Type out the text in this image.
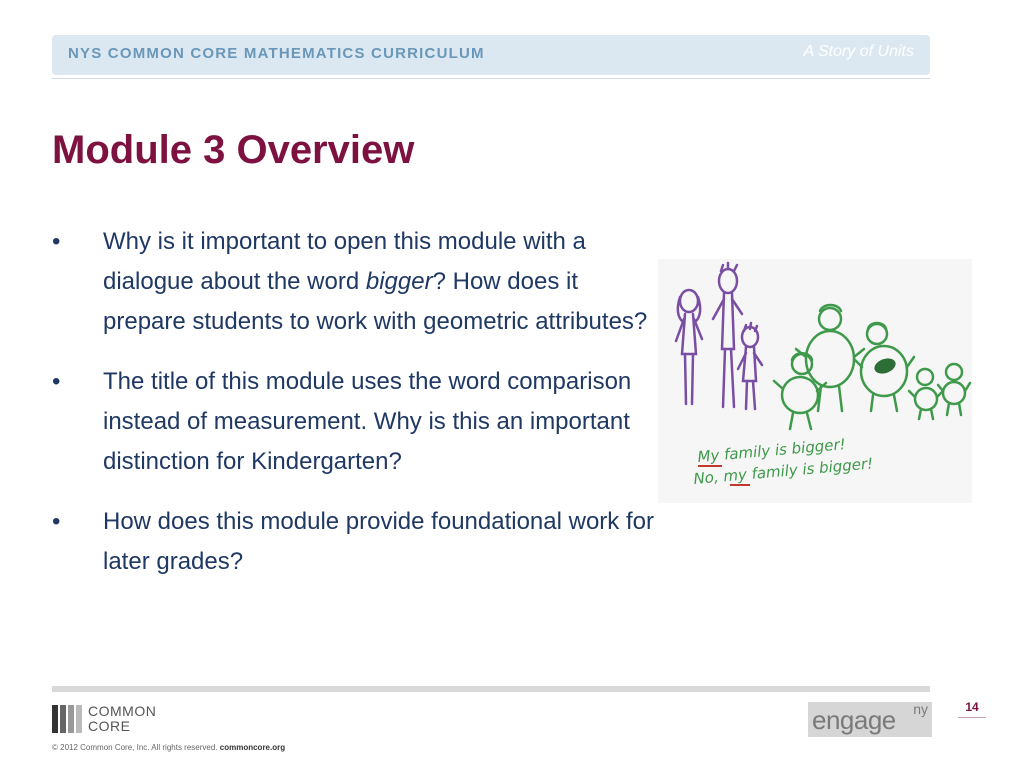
NYS COMMON CORE MATHEMATICS CURRICULUM	A Story of Units
Module 3 Overview
•	Why is it important to open this module with a dialogue about the word bigger? How does it prepare students to work with geometric attributes?
•	The title of this module uses the word comparison instead of measurement. Why is this an important distinction for Kindergarten?
•	How does this module provide foundational work for later grades?
My family is bigger!
No, my family is bigger!
COMMON
CORE
© 2012 Common Core, Inc. All rights reserved. commoncore.org
engage ny	14
